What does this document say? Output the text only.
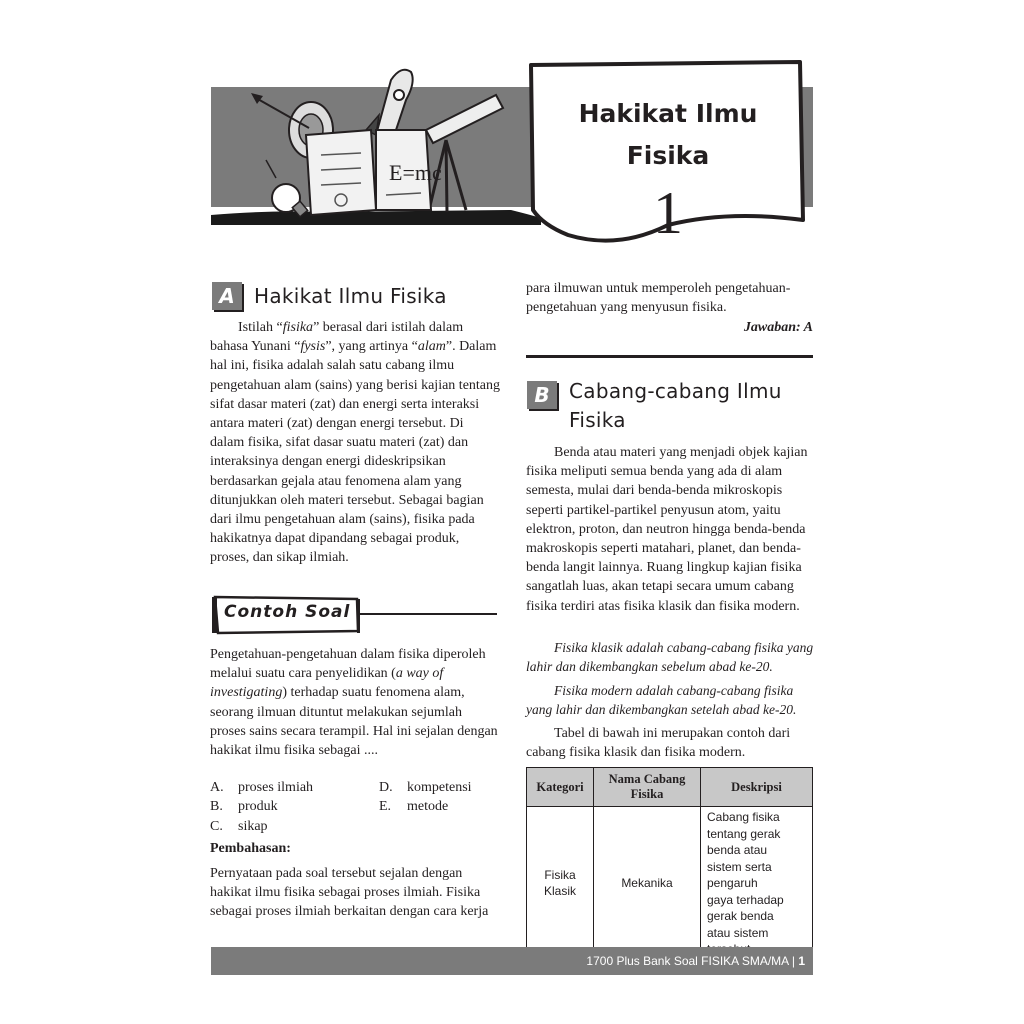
E=mc
Hakikat Ilmu
Fisika
1
A Hakikat Ilmu Fisika

Istilah “fisika” berasal dari istilah dalam bahasa Yunani “fysis”, yang artinya “alam”. Dalam hal ini, fisika adalah salah satu cabang ilmu pengetahuan alam (sains) yang berisi kajian tentang sifat dasar materi (zat) dan energi serta interaksi antara materi (zat) dengan energi tersebut. Di dalam fisika, sifat dasar suatu materi (zat) dan interaksinya dengan energi dideskripsikan berdasarkan gejala atau fenomena alam yang ditunjukkan oleh materi tersebut. Sebagai bagian dari ilmu pengetahuan alam (sains), fisika pada hakikatnya dapat dipandang sebagai produk, proses, dan sikap ilmiah.

Contoh Soal

Pengetahuan-pengetahuan dalam fisika diperoleh melalui suatu cara penyelidikan (a way of investigating) terhadap suatu fenomena alam, seorang ilmuan dituntut melakukan sejumlah proses sains secara terampil. Hal ini sejalan dengan hakikat ilmu fisika sebagai ....

A. proses ilmiah
B. produk
C. sikap
D. kompetensi
E. metode
Pembahasan:
Pernyataan pada soal tersebut sejalan dengan hakikat ilmu fisika sebagai proses ilmiah. Fisika sebagai proses ilmiah berkaitan dengan cara kerja
para ilmuwan untuk memperoleh pengetahuan-pengetahuan yang menyusun fisika.
Jawaban: A
B Cabang-cabang Ilmu
Fisika

Benda atau materi yang menjadi objek kajian fisika meliputi semua benda yang ada di alam semesta, mulai dari benda-benda mikroskopis seperti partikel-partikel penyusun atom, yaitu elektron, proton, dan neutron hingga benda-benda makroskopis seperti matahari, planet, dan benda-benda langit lainnya. Ruang lingkup kajian fisika sangatlah luas, akan tetapi secara umum cabang fisika terdiri atas fisika klasik dan fisika modern.

Fisika klasik adalah cabang-cabang fisika yang lahir dan dikembangkan sebelum abad ke-20.

Fisika modern adalah cabang-cabang fisika yang lahir dan dikembangkan setelah abad ke-20.

Tabel di bawah ini merupakan contoh dari cabang fisika klasik dan fisika modern.

Kategori	Nama Cabang Fisika	Deskripsi

Fisika Klasik	Mekanika	Cabang fisika tentang gerak benda atau sistem serta pengaruh gaya terhadap gerak benda atau sistem
1700 Plus Bank Soal FISIKA SMA/MA | 1
